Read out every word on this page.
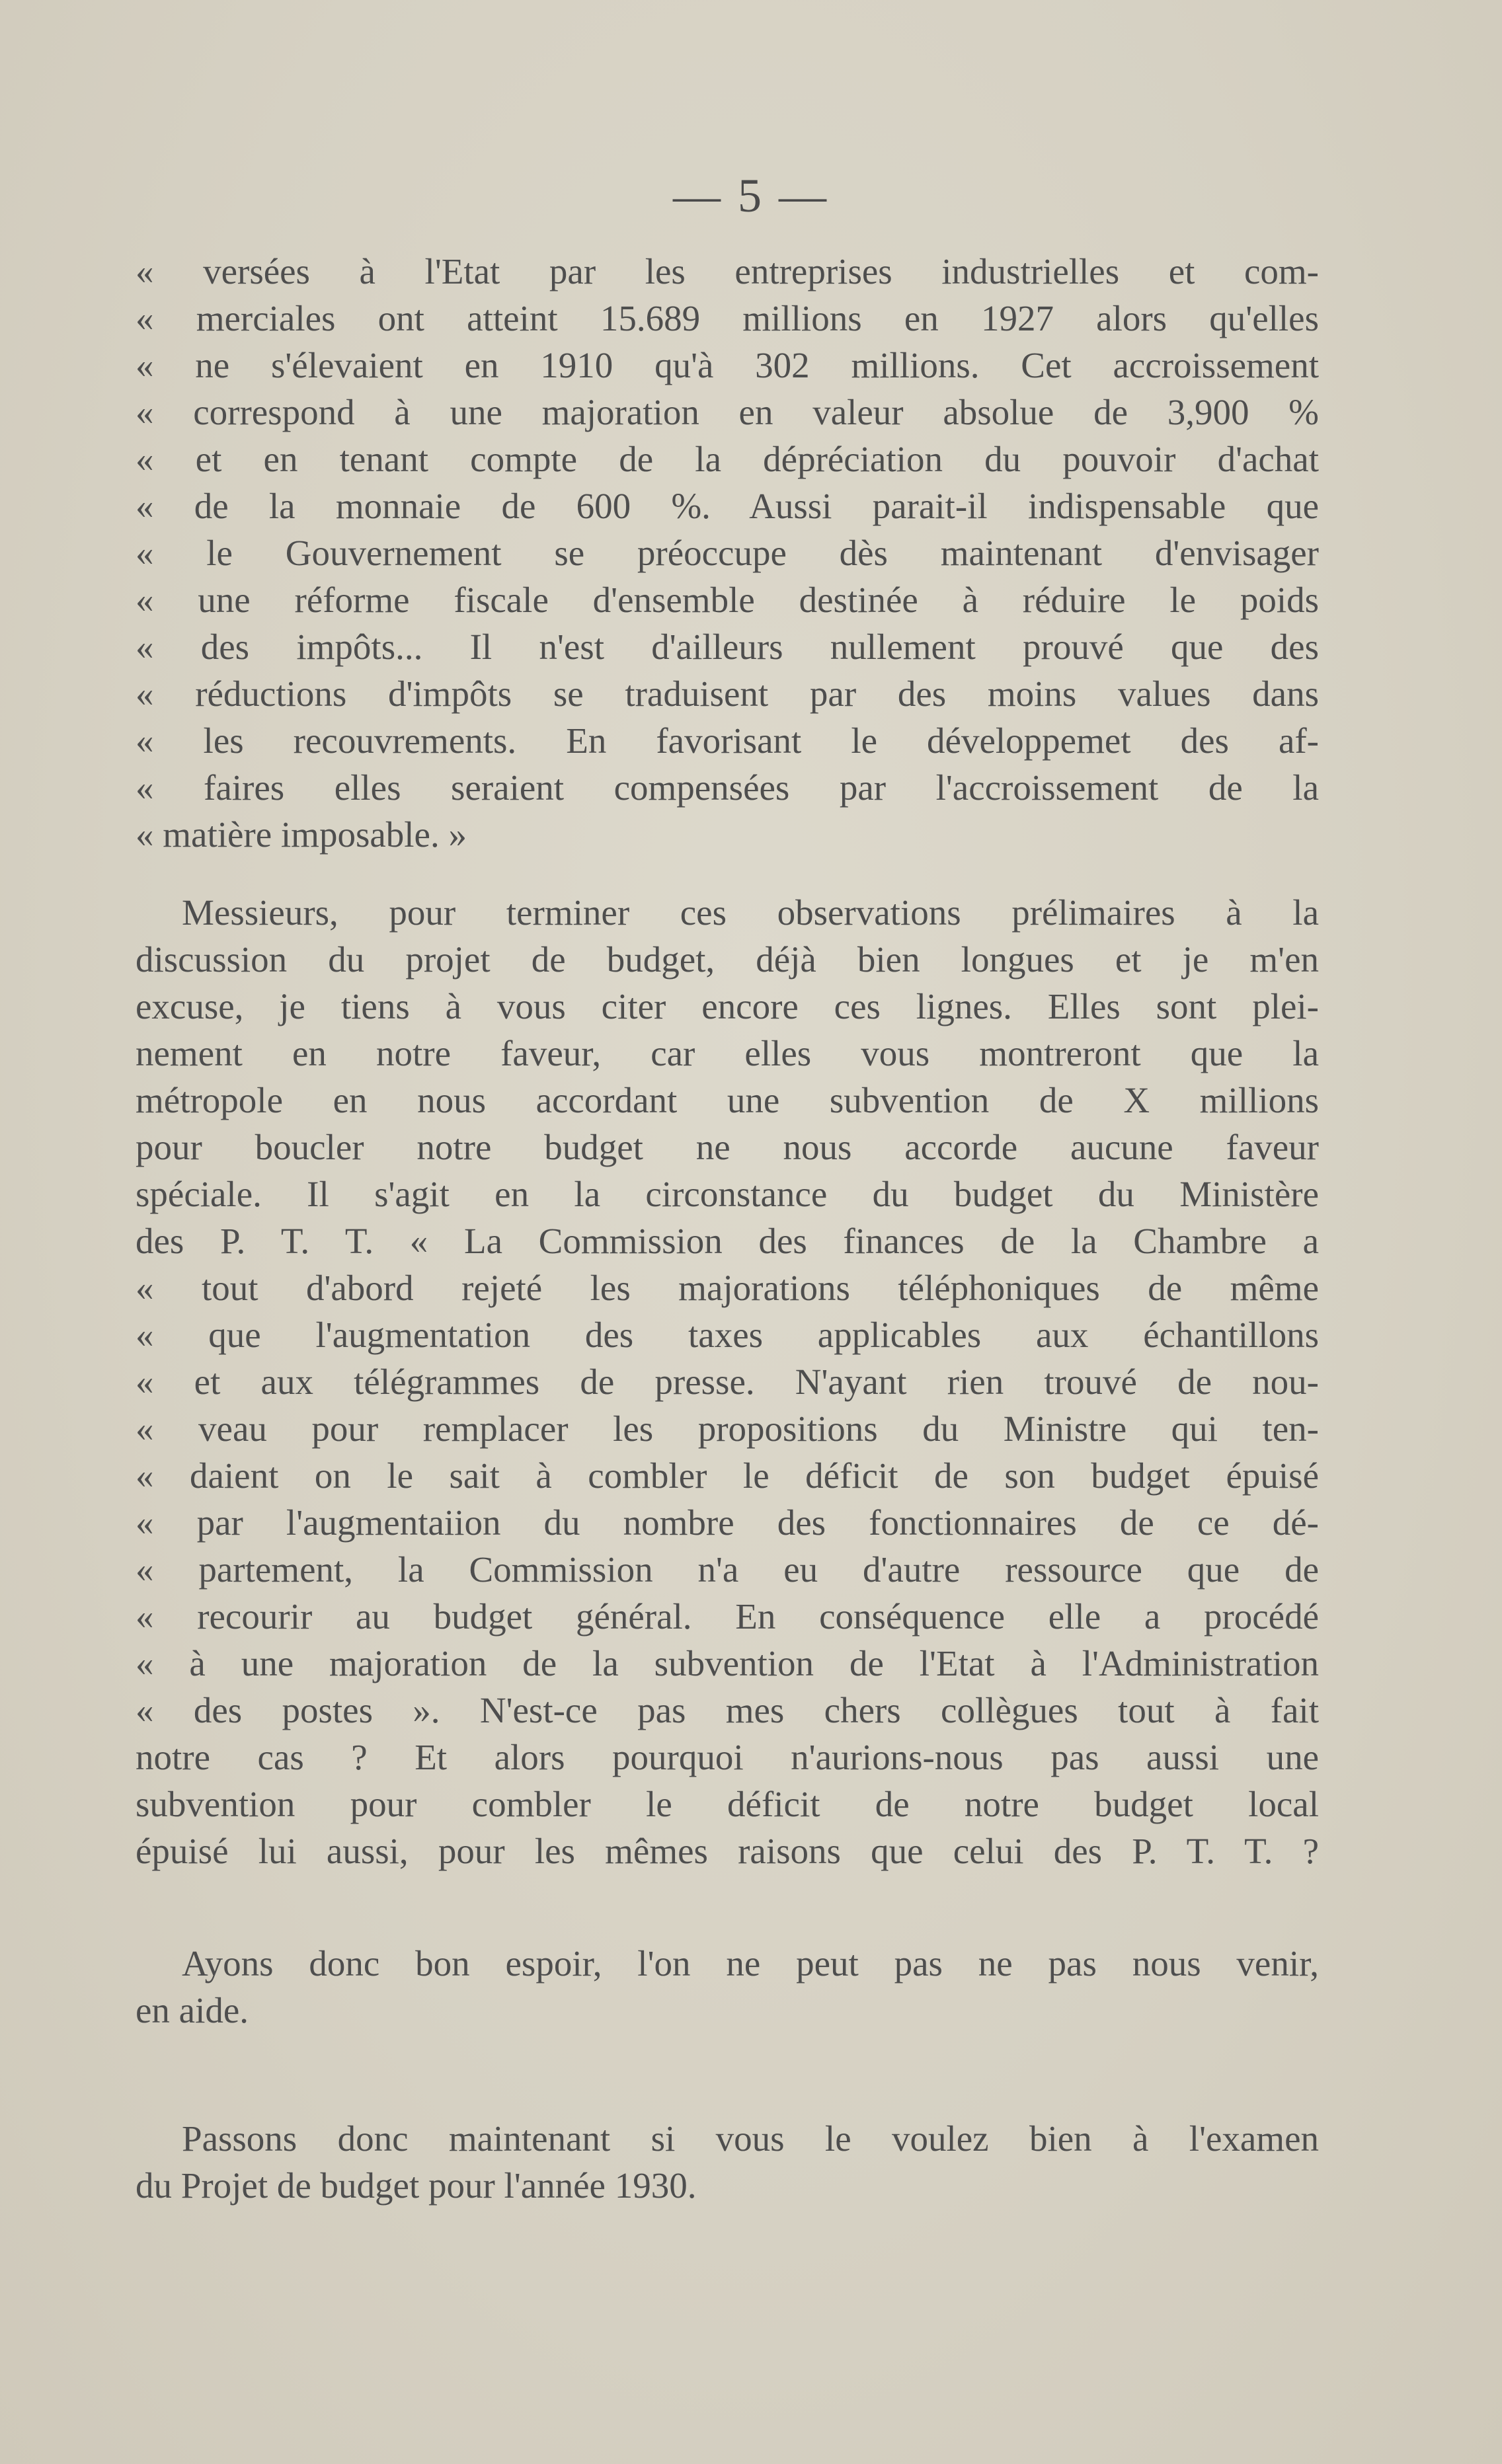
— 5 —
« versées à l'Etat par les entreprises industrielles et com-
« merciales ont atteint 15.689 millions en 1927 alors qu'elles
« ne s'élevaient en 1910 qu'à 302 millions. Cet accroissement
« correspond à une majoration en valeur absolue de 3,900 %
« et en tenant compte de la dépréciation du pouvoir d'achat
« de la monnaie de 600 %. Aussi parait-il indispensable que
« le Gouvernement se préoccupe dès maintenant d'envisager
« une réforme fiscale d'ensemble destinée à réduire le poids
« des impôts... Il n'est d'ailleurs nullement prouvé que des
« réductions d'impôts se traduisent par des moins values dans
« les recouvrements. En favorisant le développemet des af-
« faires elles seraient compensées par l'accroissement de la
« matière imposable. »
Messieurs, pour terminer ces observations prélimaires à la
discussion du projet de budget, déjà bien longues et je m'en
excuse, je tiens à vous citer encore ces lignes. Elles sont plei-
nement en notre faveur, car elles vous montreront que la
métropole en nous accordant une subvention de X millions
pour boucler notre budget ne nous accorde aucune faveur
spéciale. Il s'agit en la circonstance du budget du Ministère
des P. T. T. « La Commission des finances de la Chambre a
« tout d'abord rejeté les majorations téléphoniques de même
« que l'augmentation des taxes applicables aux échantillons
« et aux télégrammes de presse. N'ayant rien trouvé de nou-
« veau pour remplacer les propositions du Ministre qui ten-
« daient on le sait à combler le déficit de son budget épuisé
« par l'augmentaiion du nombre des fonctionnaires de ce dé-
« partement, la Commission n'a eu d'autre ressource que de
« recourir au budget général. En conséquence elle a procédé
« à une majoration de la subvention de l'Etat à l'Administration
« des postes ». N'est-ce pas mes chers collègues tout à fait
notre cas ? Et alors pourquoi n'aurions-nous pas aussi une
subvention pour combler le déficit de notre budget local
épuisé lui aussi, pour les mêmes raisons que celui des P. T. T. ?
Ayons donc bon espoir, l'on ne peut pas ne pas nous venir,
en aide.
Passons donc maintenant si vous le voulez bien à l'examen
du Projet de budget pour l'année 1930.
